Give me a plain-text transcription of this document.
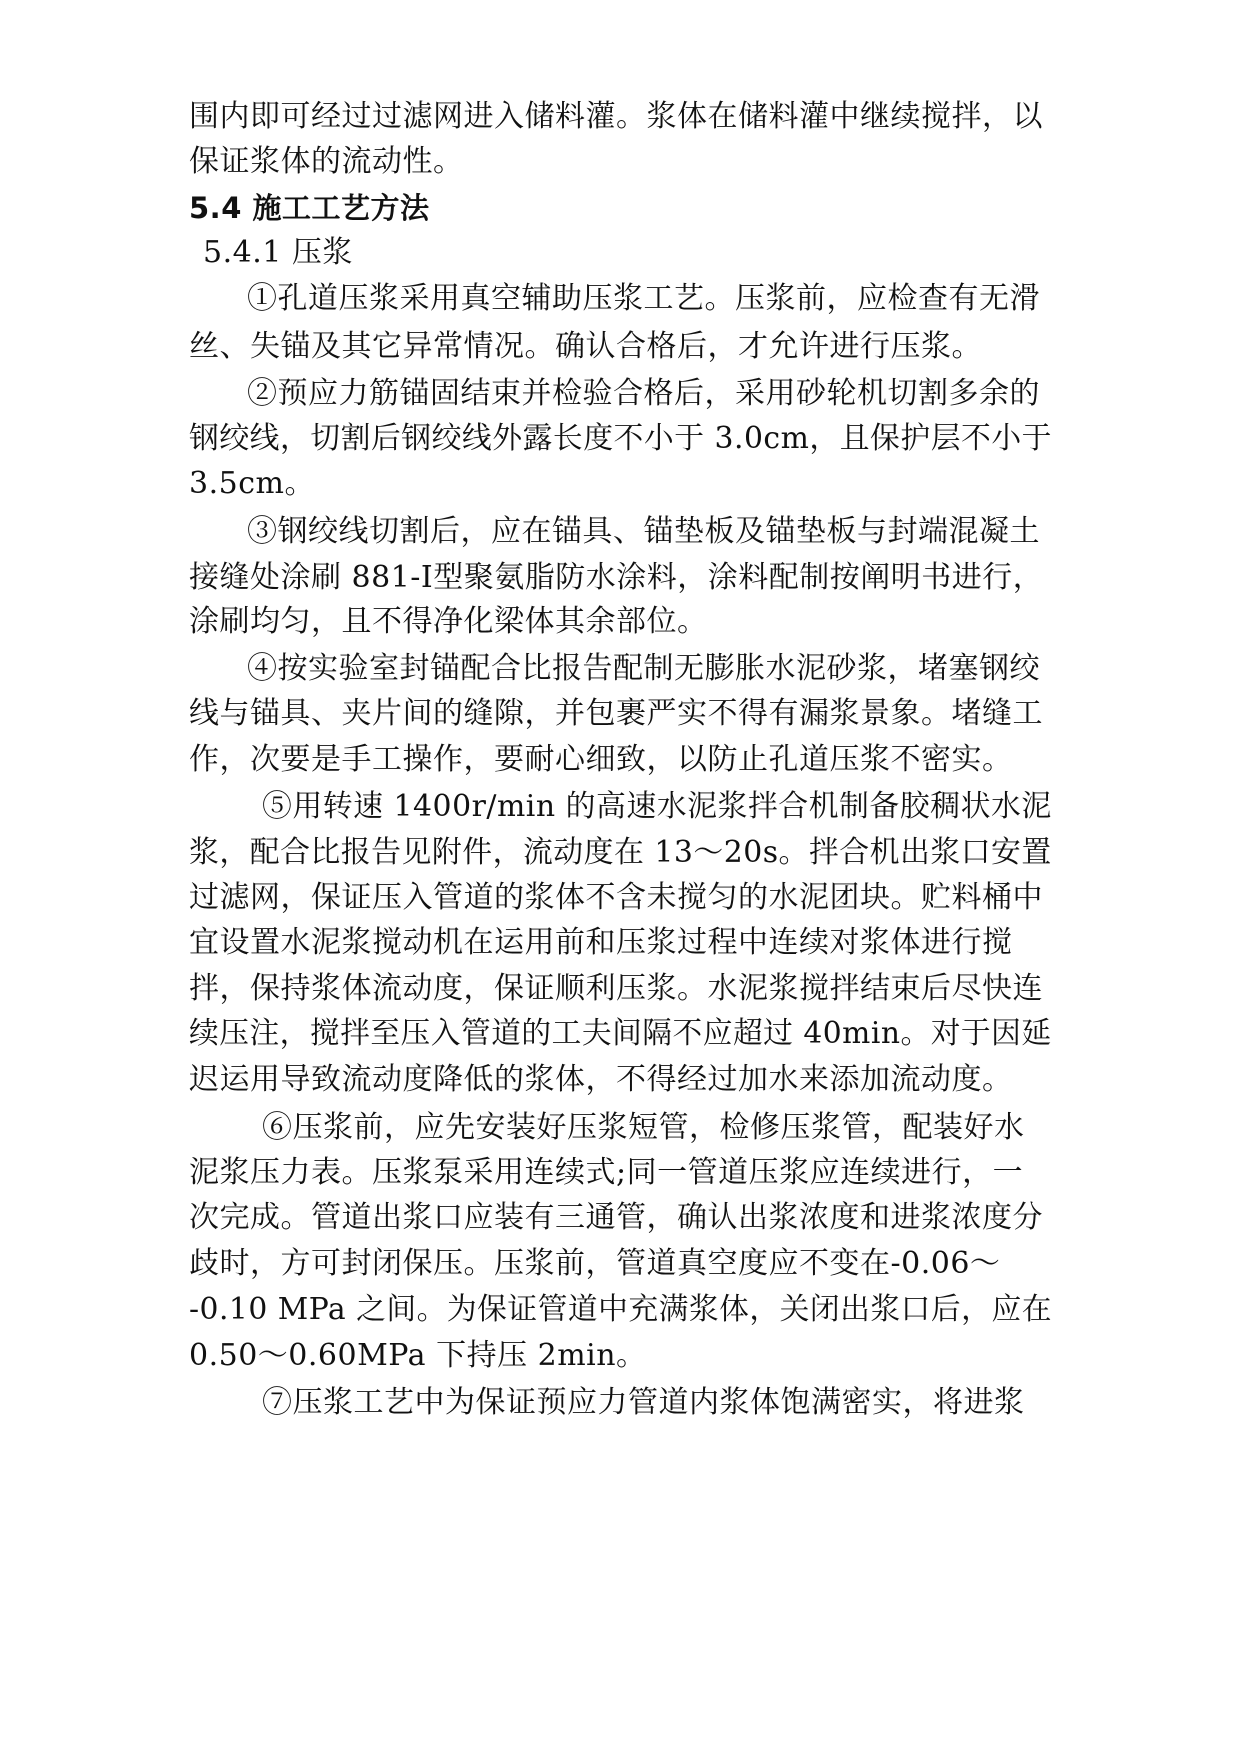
围内即可经过过滤网进入储料灌。浆体在储料灌中继续搅拌，以
保证浆体的流动性。
5.4 施工工艺方法
5.4.1 压浆
①孔道压浆采用真空辅助压浆工艺。压浆前，应检查有无滑
丝、失锚及其它异常情况。确认合格后，才允许进行压浆。
②预应力筋锚固结束并检验合格后，采用砂轮机切割多余的
钢绞线，切割后钢绞线外露长度不小于 3.0cm，且保护层不小于
3.5cm。
③钢绞线切割后，应在锚具、锚垫板及锚垫板与封端混凝土
接缝处涂刷 881-Ⅰ型聚氨脂防水涂料，涂料配制按阐明书进行，
涂刷均匀，且不得净化梁体其余部位。
④按实验室封锚配合比报告配制无膨胀水泥砂浆，堵塞钢绞
线与锚具、夹片间的缝隙，并包裹严实不得有漏浆景象。堵缝工
作，次要是手工操作，要耐心细致，以防止孔道压浆不密实。
⑤用转速 1400r/min 的高速水泥浆拌合机制备胶稠状水泥
浆，配合比报告见附件，流动度在 13～20s。拌合机出浆口安置
过滤网，保证压入管道的浆体不含未搅匀的水泥团块。贮料桶中
宜设置水泥浆搅动机在运用前和压浆过程中连续对浆体进行搅
拌，保持浆体流动度，保证顺利压浆。水泥浆搅拌结束后尽快连
续压注，搅拌至压入管道的工夫间隔不应超过 40min。对于因延
迟运用导致流动度降低的浆体，不得经过加水来添加流动度。
⑥压浆前，应先安装好压浆短管，检修压浆管，配装好水
泥浆压力表。压浆泵采用连续式;同一管道压浆应连续进行，一
次完成。管道出浆口应装有三通管，确认出浆浓度和进浆浓度分
歧时，方可封闭保压。压浆前，管道真空度应不变在-0.06～
-0.10 MPa 之间。为保证管道中充满浆体，关闭出浆口后，应在
0.50～0.60MPa 下持压 2min。
⑦压浆工艺中为保证预应力管道内浆体饱满密实，将进浆
